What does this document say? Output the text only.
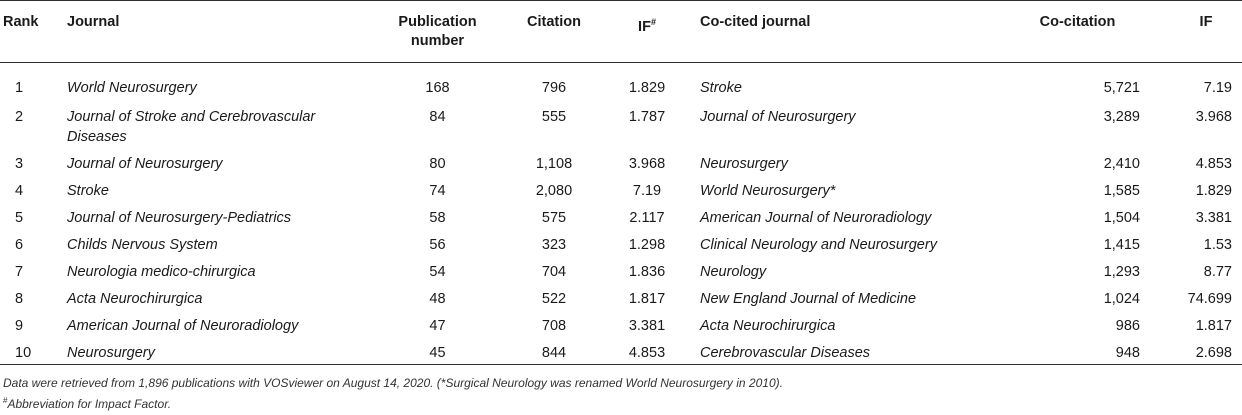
Rank	Journal	Publication number	Citation	IF#	Co-cited journal	Co-citation	IF
1	World Neurosurgery	168	796	1.829	Stroke	5,721	7.19
2	Journal of Stroke and Cerebrovascular Diseases	84	555	1.787	Journal of Neurosurgery	3,289	3.968
3	Journal of Neurosurgery	80	1,108	3.968	Neurosurgery	2,410	4.853
4	Stroke	74	2,080	7.19	World Neurosurgery*	1,585	1.829
5	Journal of Neurosurgery-Pediatrics	58	575	2.117	American Journal of Neuroradiology	1,504	3.381
6	Childs Nervous System	56	323	1.298	Clinical Neurology and Neurosurgery	1,415	1.53
7	Neurologia medico-chirurgica	54	704	1.836	Neurology	1,293	8.77
8	Acta Neurochirurgica	48	522	1.817	New England Journal of Medicine	1,024	74.699
9	American Journal of Neuroradiology	47	708	3.381	Acta Neurochirurgica	986	1.817
10	Neurosurgery	45	844	4.853	Cerebrovascular Diseases	948	2.698
Data were retrieved from 1,896 publications with VOSviewer on August 14, 2020. (*Surgical Neurology was renamed World Neurosurgery in 2010).
#Abbreviation for Impact Factor.
